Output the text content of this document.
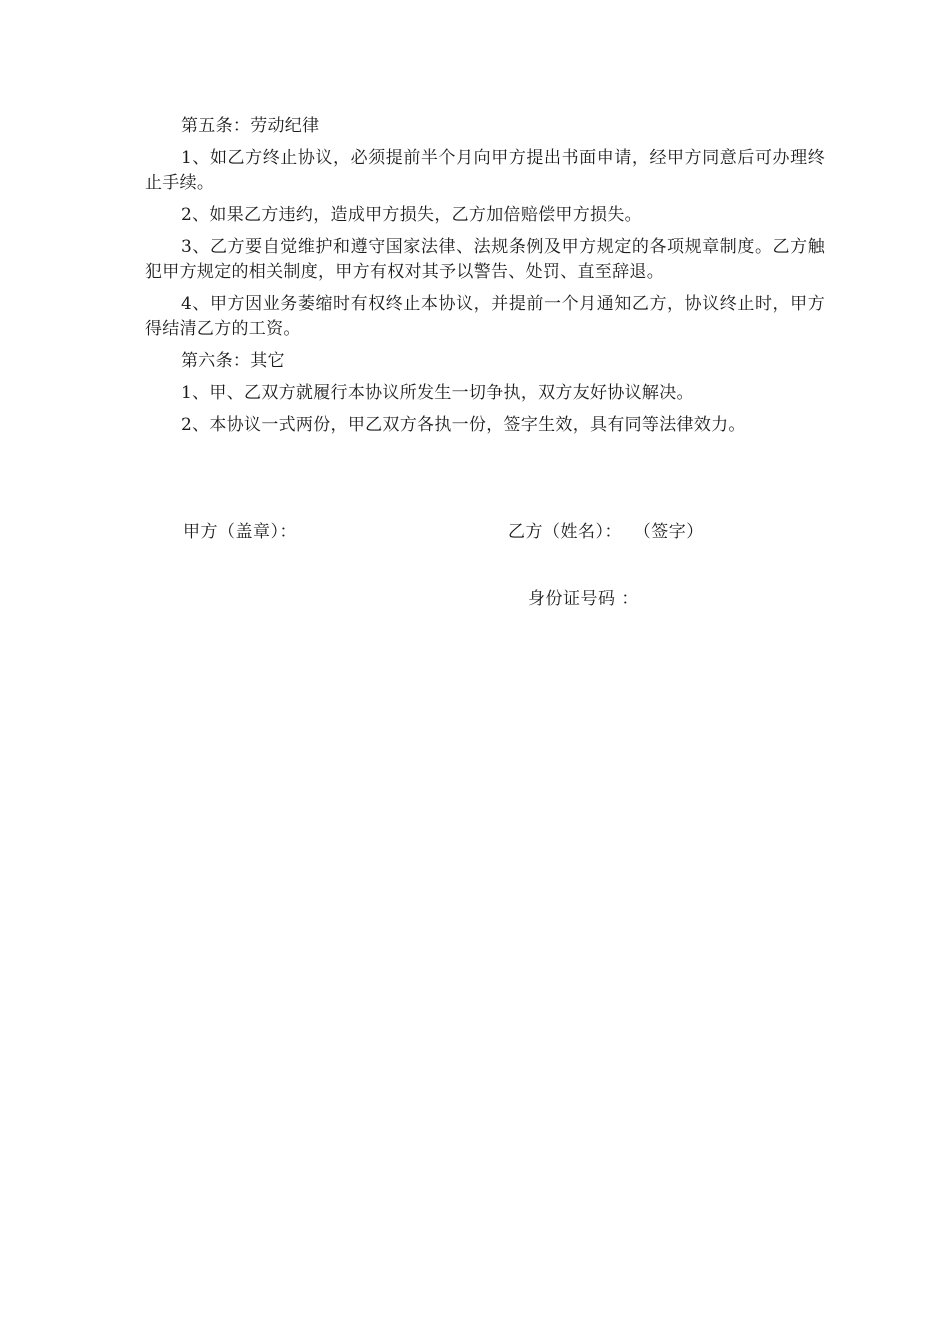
第五条：劳动纪律

1、如乙方终止协议，必须提前半个月向甲方提出书面申请，经甲方同意后可办理终止手续。

2、如果乙方违约，造成甲方损失，乙方加倍赔偿甲方损失。

3、乙方要自觉维护和遵守国家法律、法规条例及甲方规定的各项规章制度。乙方触犯甲方规定的相关制度，甲方有权对其予以警告、处罚、直至辞退。

4、甲方因业务萎缩时有权终止本协议，并提前一个月通知乙方，协议终止时，甲方得结清乙方的工资。

第六条：其它

1、甲、乙双方就履行本协议所发生一切争执，双方友好协议解决。

2、本协议一式两份，甲乙双方各执一份，签字生效，具有同等法律效力。

甲方（盖章）：	乙方（姓名）：  （签字）
身份证号码 ：
